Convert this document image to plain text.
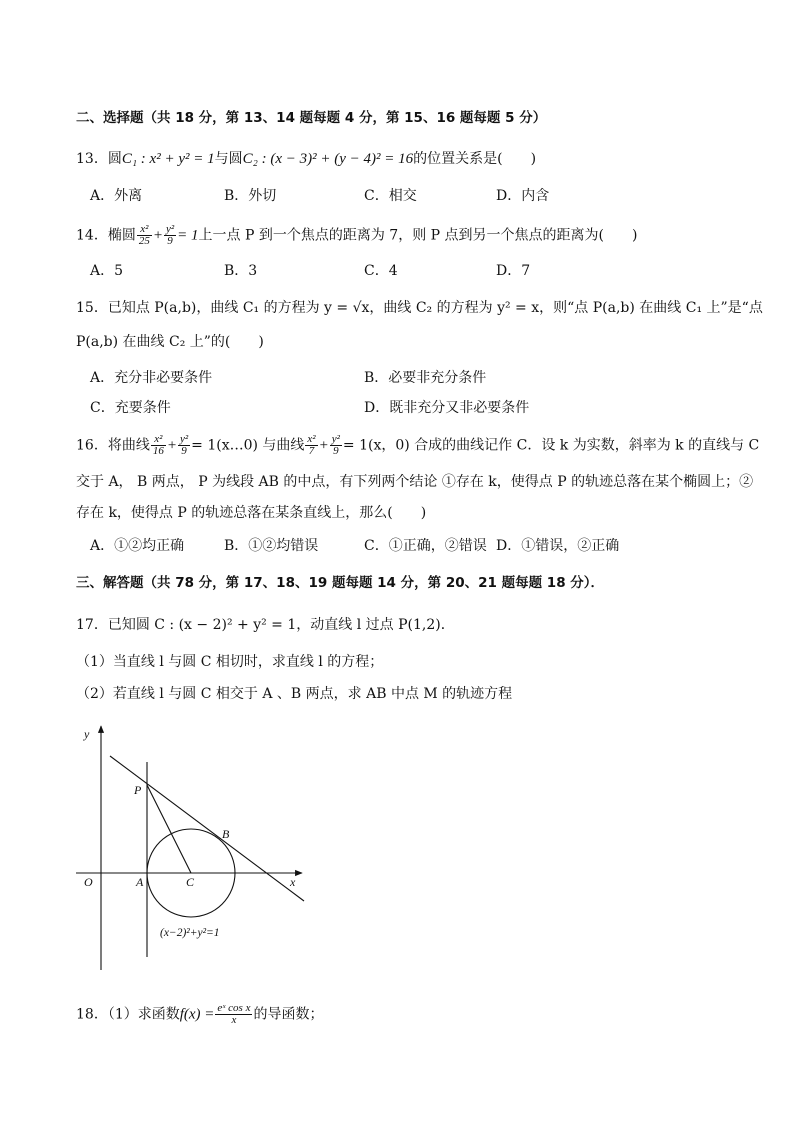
二、选择题（共 18 分，第 13、14 题每题 4 分，第 15、16 题每题 5 分）
13．圆C₁ : x² + y² = 1与圆C₂ : (x − 3)² + (y − 4)² = 16的位置关系是(　　)
A．外离	B．外切	C．相交	D．内含
14．椭圆 $\frac{\text{x²}}{25} + \frac{\text{y²}}{9} = 1$上一点 P 到一个焦点的距离为 7，则 P 点到另一个焦点的距离为(　　)
A．5	B．3	C．4	D．7
15．已知点 P(a,b)，曲线 C₁ 的方程为 y = √x，曲线 C₂ 的方程为 y² = x，则“点 P(a,b) 在曲线 C₁ 上”是“点
P(a,b) 在曲线 C₂ 上”的(　　)
A．充分非必要条件	B．必要非充分条件
C．充要条件	D．既非充分又非必要条件
16．将曲线 $\frac{\text{x²}}{16} + \frac{\text{y²}}{9}$ = 1(x…0) 与曲线 $\frac{\text{x²}}{7} + \frac{\text{y²}}{9} = 1(x$，0) 合成的曲线记作 C．设 k 为实数，斜率为 k 的直线与 C
交于 A， B 两点， P 为线段 AB 的中点，有下列两个结论 ①存在 k，使得点 P 的轨迹总落在某个椭圆上；②
存在 k，使得点 P 的轨迹总落在某条直线上，那么(　　)
A．①②均正确	B．①②均错误	C．①正确，②错误 D．①错误，②正确
三、解答题（共 78 分，第 17、18、19 题每题 14 分，第 20、21 题每题 18 分）．
17．已知圆 C : (x − 2)² + y² = 1，动直线 l 过点 P(1,2)．
（1）当直线 l 与圆 C 相切时，求直线 l 的方程；
（2）若直线 l 与圆 C 相交于 A 、B 两点，求 AB 中点 M 的轨迹方程
y
x
O	A	C
P
B
(x−2)²+y²=1
18．（1）求函数$f(x) = \frac{\text{eˣ cos x}}{x}$ 的导函数；
